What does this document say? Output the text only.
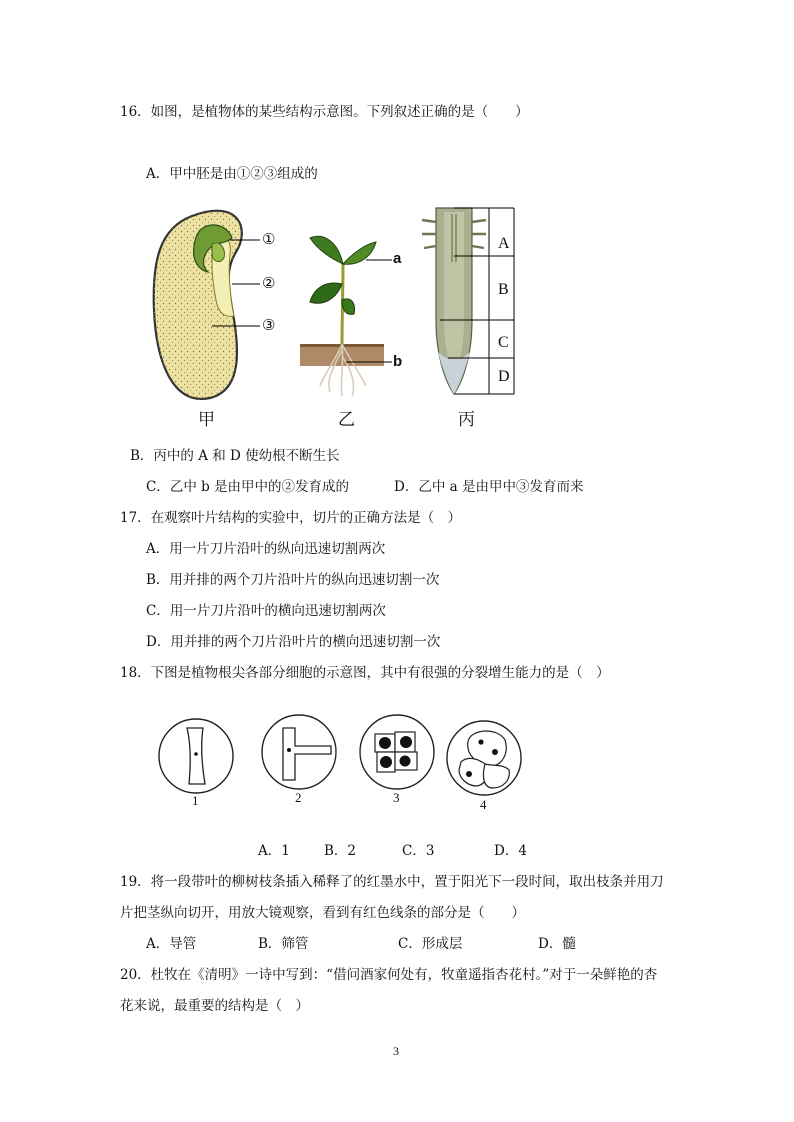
16．如图，是植物体的某些结构示意图。下列叙述正确的是（　　）
A．甲中胚是由①②③组成的
①
②
③
甲
a
b
乙
A
B
C
D
丙
B．丙中的 A 和 D 使幼根不断生长
C．乙中 b 是由甲中的②发育成的	D．乙中 a 是由甲中③发育而来
17．在观察叶片结构的实验中，切片的正确方法是（　）
A．用一片刀片沿叶的纵向迅速切割两次
B．用并排的两个刀片沿叶片的纵向迅速切割一次
C．用一片刀片沿叶的横向迅速切割两次
D．用并排的两个刀片沿叶片的横向迅速切割一次
18．下图是植物根尖各部分细胞的示意图，其中有很强的分裂增生能力的是（　）
1	2	3	4
A．1	B．2	C．3	D．4
19．将一段带叶的柳树枝条插入稀释了的红墨水中，置于阳光下一段时间，取出枝条并用刀
片把茎纵向切开，用放大镜观察，看到有红色线条的部分是（　　）
A．导管	B．筛管	C．形成层	D．髓
20．杜牧在《清明》一诗中写到：“借问酒家何处有，牧童遥指杏花村。”对于一朵鲜艳的杏
花来说，最重要的结构是（　）
3
